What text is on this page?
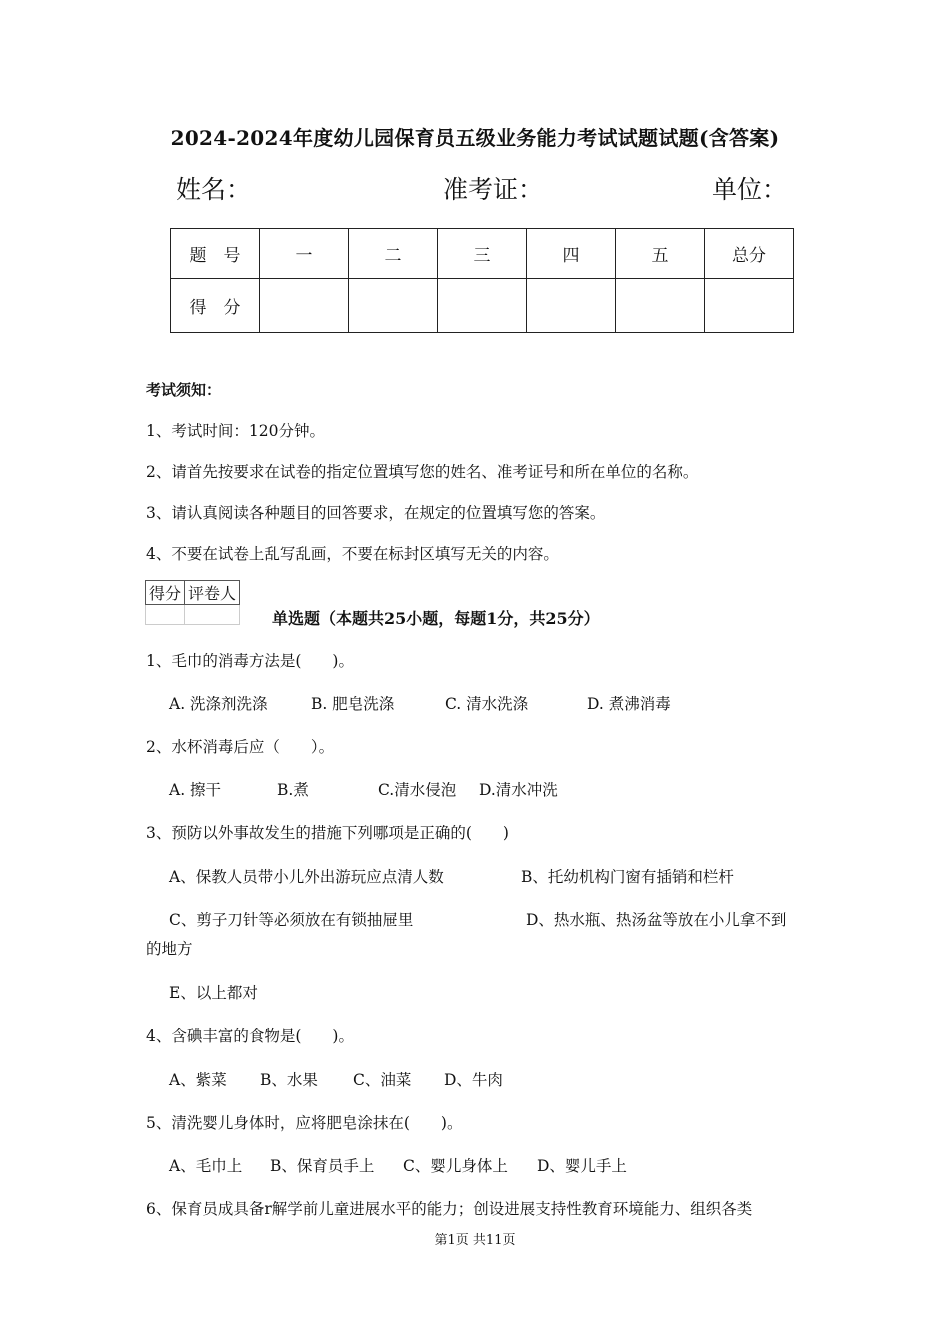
2024-2024年度幼儿园保育员五级业务能力考试试题试题(含答案)
姓名：	准考证：	单位：
题　号	一	二	三	四	五	总分
得　分						
考试须知：
1、考试时间：120分钟。
2、请首先按要求在试卷的指定位置填写您的姓名、准考证号和所在单位的名称。
3、请认真阅读各种题目的回答要求，在规定的位置填写您的答案。
4、不要在试卷上乱写乱画，不要在标封区填写无关的内容。
得分	评卷人

单选题（本题共25小题，每题1分，共25分）
1、毛巾的消毒方法是(　　)。
A. 洗涤剂洗涤	B. 肥皂洗涤	C. 清水洗涤	D. 煮沸消毒
2、水杯消毒后应（　　）。
A. 擦干	B.煮	C.清水侵泡 D.清水冲洗
3、预防以外事故发生的措施下列哪项是正确的(　　)
A、保教人员带小儿外出游玩应点清人数	B、托幼机构门窗有插销和栏杆
C、剪子刀针等必须放在有锁抽屉里	D、热水瓶、热汤盆等放在小儿拿不到
的地方
E、以上都对
4、含碘丰富的食物是(　　)。
A、紫菜 B、水果 C、油菜 D、牛肉
5、清洗婴儿身体时，应将肥皂涂抹在(　　)。
A、毛巾上 B、保育员手上 C、婴儿身体上 D、婴儿手上
6、保育员成具备r解学前儿童进展水平的能力；创设进展支持性教育环境能力、组织各类
第1页 共11页
